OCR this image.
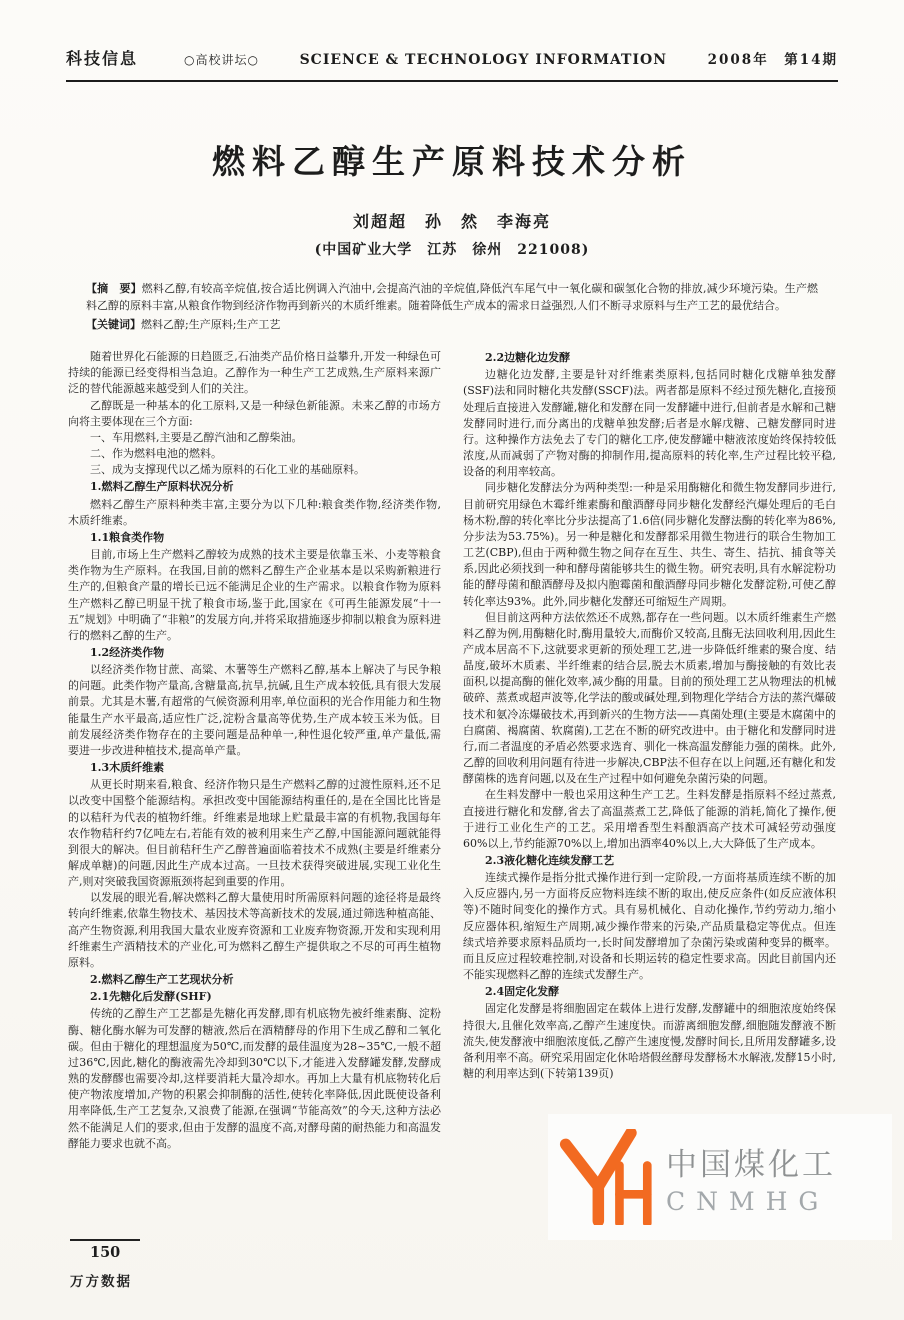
科技信息	○高校讲坛○	SCIENCE & TECHNOLOGY INFORMATION	2008年　第14期
燃料乙醇生产原料技术分析
刘超超　孙　然　李海亮
(中国矿业大学　江苏　徐州　221008)

【摘　要】燃料乙醇,有较高辛烷值,按合适比例调入汽油中,会提高汽油的辛烷值,降低汽车尾气中一氧化碳和碳氢化合物的排放,减少环境污染。生产燃料乙醇的原料丰富,从粮食作物到经济作物再到新兴的木质纤维素。随着降低生产成本的需求日益强烈,人们不断寻求原料与生产工艺的最优结合。

【关键词】燃料乙醇;生产原料;生产工艺

随着世界化石能源的日趋匮乏,石油类产品价格日益攀升,开发一种绿色可持续的能源已经变得相当急迫。乙醇作为一种生产工艺成熟,生产原料来源广泛的替代能源越来越受到人们的关注。

乙醇既是一种基本的化工原料,又是一种绿色新能源。未来乙醇的市场方向将主要体现在三个方面:

一、车用燃料,主要是乙醇汽油和乙醇柴油。

二、作为燃料电池的燃料。

三、成为支撑现代以乙烯为原料的石化工业的基础原料。

1.燃料乙醇生产原料状况分析

燃料乙醇生产原料种类丰富,主要分为以下几种:粮食类作物,经济类作物,木质纤维素。

1.1粮食类作物

目前,市场上生产燃料乙醇较为成熟的技术主要是依靠玉米、小麦等粮食类作物为生产原料。在我国,目前的燃料乙醇生产企业基本是以采购新粮进行生产的,但粮食产量的增长已远不能满足企业的生产需求。以粮食作物为原料生产燃料乙醇已明显干扰了粮食市场,鉴于此,国家在《可再生能源发展“十一五”规划》中明确了“非粮”的发展方向,并将采取措施逐步抑制以粮食为原料进行的燃料乙醇的生产。

1.2经济类作物

以经济类作物甘蔗、高粱、木薯等生产燃料乙醇,基本上解决了与民争粮的问题。此类作物产量高,含糖量高,抗旱,抗碱,且生产成本较低,具有很大发展前景。尤其是木薯,有超常的气候资源利用率,单位面积的光合作用能力和生物能量生产水平最高,适应性广泛,淀粉含量高等优势,生产成本较玉米为低。目前发展经济类作物存在的主要问题是品种单一,种性退化较严重,单产量低,需要进一步改进种植技术,提高单产量。

1.3木质纤维素

从更长时期来看,粮食、经济作物只是生产燃料乙醇的过渡性原料,还不足以改变中国整个能源结构。承担改变中国能源结构重任的,是在全国比比皆是的以秸秆为代表的植物纤维。纤维素是地球上贮量最丰富的有机物,我国每年农作物秸秆约7亿吨左右,若能有效的被利用来生产乙醇,中国能源问题就能得到很大的解决。但目前秸秆生产乙醇普遍面临着技术不成熟(主要是纤维素分解成单糖)的问题,因此生产成本过高。一旦技术获得突破进展,实现工业化生产,则对突破我国资源瓶颈将起到重要的作用。

以发展的眼光看,解决燃料乙醇大量使用时所需原料问题的途径将是最终转向纤维素,依靠生物技术、基因技术等高新技术的发展,通过筛选种植高能、高产生物资源,利用我国大量农业废弃资源和工业废弃物资源,开发和实现利用纤维素生产酒精技术的产业化,可为燃料乙醇生产提供取之不尽的可再生植物原料。

2.燃料乙醇生产工艺现状分析
2.1先糖化后发酵(SHF)

传统的乙醇生产工艺都是先糖化再发酵,即有机底物先被纤维素酶、淀粉酶、糖化酶水解为可发酵的糖液,然后在酒精酵母的作用下生成乙醇和二氧化碳。但由于糖化的理想温度为50℃,而发酵的最佳温度为28~35℃,一般不超过36℃,因此,糖化的酶液需先冷却到30℃以下,才能进入发酵罐发酵,发酵成熟的发酵醪也需要冷却,这样要消耗大量冷却水。再加上大量有机底物转化后使产物浓度增加,产物的积累会抑制酶的活性,使转化率降低,因此既使设备利用率降低,生产工艺复杂,又浪费了能源,在强调“节能高效”的今天,这种方法必然不能满足人们的要求,但由于发酵的温度不高,对酵母菌的耐热能力和高温发酵能力要求也就不高。

2.2边糖化边发酵

边糖化边发酵,主要是针对纤维素类原料,包括同时糖化戊糖单独发酵(SSF)法和同时糖化共发酵(SSCF)法。两者都是原料不经过预先糖化,直接预处理后直接进入发酵罐,糖化和发酵在同一发酵罐中进行,但前者是水解和己糖发酵同时进行,而分离出的戊糖单独发酵;后者是水解戊糖、己糖发酵同时进行。这种操作方法免去了专门的糖化工序,使发酵罐中糖液浓度始终保持较低浓度,从而减弱了产物对酶的抑制作用,提高原料的转化率,生产过程比较平稳,设备的利用率较高。

同步糖化发酵法分为两种类型:一种是采用酶糖化和微生物发酵同步进行,目前研究用绿色木霉纤维素酶和酿酒酵母同步糖化发酵经汽爆处理后的毛白杨木粉,醇的转化率比分步法提高了1.6倍(同步糖化发酵法酶的转化率为86%,分步法为53.75%)。另一种是糖化和发酵都采用微生物进行的联合生物加工工艺(CBP),但由于两种微生物之间存在互生、共生、寄生、拮抗、捕食等关系,因此必须找到一种和酵母菌能够共生的微生物。研究表明,具有水解淀粉功能的酵母菌和酿酒酵母及拟内胞霉菌和酿酒酵母同步糖化发酵淀粉,可使乙醇转化率达93%。此外,同步糖化发酵还可缩短生产周期。

但目前这两种方法依然还不成熟,都存在一些问题。以木质纤维素生产燃料乙醇为例,用酶糖化时,酶用量较大,而酶价又较高,且酶无法回收利用,因此生产成本居高不下,这就要求更新的预处理工艺,进一步降低纤维素的聚合度、结晶度,破坏木质素、半纤维素的结合层,脱去木质素,增加与酶接触的有效比表面积,以提高酶的催化效率,减少酶的用量。目前的预处理工艺从物理法的机械破碎、蒸煮或超声波等,化学法的酸或碱处理,到物理化学结合方法的蒸汽爆破技术和氨冷冻爆破技术,再到新兴的生物方法——真菌处理(主要是木腐菌中的白腐菌、褐腐菌、软腐菌),工艺在不断的研究改进中。由于糖化和发酵同时进行,而二者温度的矛盾必然要求选育、驯化一株高温发酵能力强的菌株。此外,乙醇的回收利用问题有待进一步解决,CBP法不但存在以上问题,还有糖化和发酵菌株的选育问题,以及在生产过程中如何避免杂菌污染的问题。

在生料发酵中一般也采用这种生产工艺。生料发酵是指原料不经过蒸煮,直接进行糖化和发酵,省去了高温蒸煮工艺,降低了能源的消耗,简化了操作,便于进行工业化生产的工艺。采用增香型生料酿酒高产技术可减轻劳动强度60%以上,节约能源70%以上,增加出酒率40%以上,大大降低了生产成本。

2.3液化糖化连续发酵工艺

连续式操作是指分批式操作进行到一定阶段,一方面将基质连续不断的加入反应器内,另一方面将反应物料连续不断的取出,使反应条件(如反应液体积等)不随时间变化的操作方式。具有易机械化、自动化操作,节约劳动力,缩小反应器体积,缩短生产周期,减少操作带来的污染,产品质量稳定等优点。但连续式培养要求原料品质均一,长时间发酵增加了杂菌污染或菌种变异的概率。而且反应过程较难控制,对设备和长期运转的稳定性要求高。因此目前国内还不能实现燃料乙醇的连续式发酵生产。

2.4固定化发酵

固定化发酵是将细胞固定在载体上进行发酵,发酵罐中的细胞浓度始终保持很大,且催化效率高,乙醇产生速度快。而游离细胞发酵,细胞随发酵液不断流失,使发酵液中细胞浓度低,乙醇产生速度慢,发酵时间长,且所用发酵罐多,设备利用率不高。研究采用固定化休哈塔假丝酵母发酵杨木水解液,发酵15小时,糖的利用率达到(下转第139页)

150
万方数据
中国煤化工
CNMHG
